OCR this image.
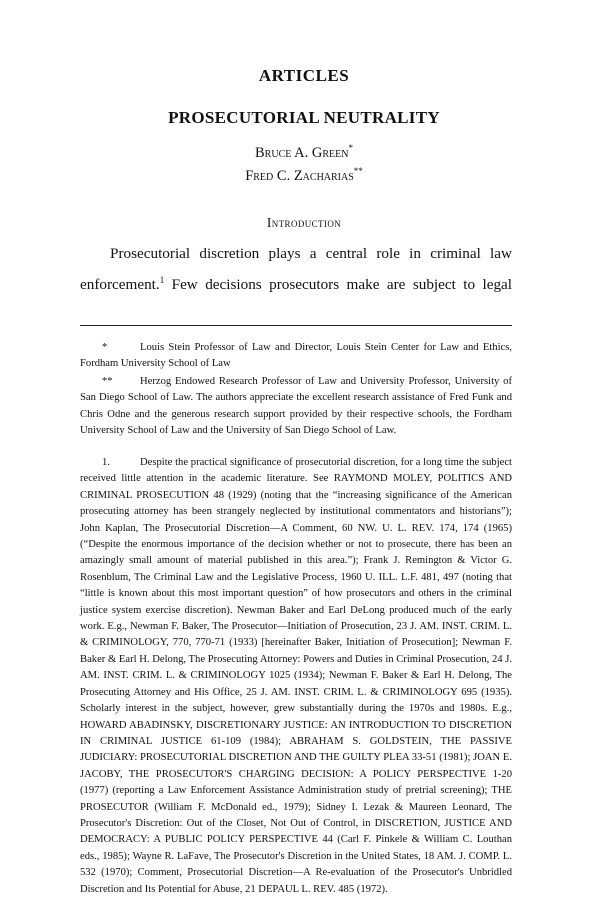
ARTICLES
PROSECUTORIAL NEUTRALITY
Bruce A. Green*
Fred C. Zacharias**
Introduction

Prosecutorial discretion plays a central role in criminal law enforcement.$^1$ Few decisions prosecutors make are subject to legal

*	Louis Stein Professor of Law and Director, Louis Stein Center for Law and Ethics, Fordham University School of Law

**	Herzog Endowed Research Professor of Law and University Professor, University of San Diego School of Law. The authors appreciate the excellent research assistance of Fred Funk and Chris Odne and the generous research support provided by their respective schools, the Fordham University School of Law and the University of San Diego School of Law.

1.	Despite the practical significance of prosecutorial discretion, for a long time the subject received little attention in the academic literature. See RAYMOND MOLEY, POLITICS AND CRIMINAL PROSECUTION 48 (1929) (noting that the “increasing significance of the American prosecuting attorney has been strangely neglected by institutional commentators and historians”); John Kaplan, The Prosecutorial Discretion—A Comment, 60 NW. U. L. REV. 174, 174 (1965) (“Despite the enormous importance of the decision whether or not to prosecute, there has been an amazingly small amount of material published in this area.”); Frank J. Remington & Victor G. Rosenblum, The Criminal Law and the Legislative Process, 1960 U. ILL. L.F. 481, 497 (noting that “little is known about this most important question” of how prosecutors and others in the criminal justice system exercise discretion). Newman Baker and Earl DeLong produced much of the early work. E.g., Newman F. Baker, The Prosecutor—Initiation of Prosecution, 23 J. AM. INST. CRIM. L. & CRIMINOLOGY, 770, 770-71 (1933) [hereinafter Baker, Initiation of Prosecution]; Newman F. Baker & Earl H. Delong, The Prosecuting Attorney: Powers and Duties in Criminal Prosecution, 24 J. AM. INST. CRIM. L. & CRIMINOLOGY 1025 (1934); Newman F. Baker & Earl H. Delong, The Prosecuting Attorney and His Office, 25 J. AM. INST. CRIM. L. & CRIMINOLOGY 695 (1935). Scholarly interest in the subject, however, grew substantially during the 1970s and 1980s. E.g., HOWARD ABADINSKY, DISCRETIONARY JUSTICE: AN INTRODUCTION TO DISCRETION IN CRIMINAL JUSTICE 61-109 (1984); ABRAHAM S. GOLDSTEIN, THE PASSIVE JUDICIARY: PROSECUTORIAL DISCRETION AND THE GUILTY PLEA 33-51 (1981); JOAN E. JACOBY, THE PROSECUTOR'S CHARGING DECISION: A POLICY PERSPECTIVE 1-20 (1977) (reporting a Law Enforcement Assistance Administration study of pretrial screening); THE PROSECUTOR (William F. McDonald ed., 1979); Sidney I. Lezak & Maureen Leonard, The Prosecutor's Discretion: Out of the Closet, Not Out of Control, in DISCRETION, JUSTICE AND DEMOCRACY: A PUBLIC POLICY PERSPECTIVE 44 (Carl F. Pinkele & William C. Louthan eds., 1985); Wayne R. LaFave, The Prosecutor's Discretion in the United States, 18 AM. J. COMP. L. 532 (1970); Comment, Prosecutorial Discretion—A Re-evaluation of the Prosecutor's Unbridled Discretion and Its Potential for Abuse, 21 DEPAUL L. REV. 485 (1972).
